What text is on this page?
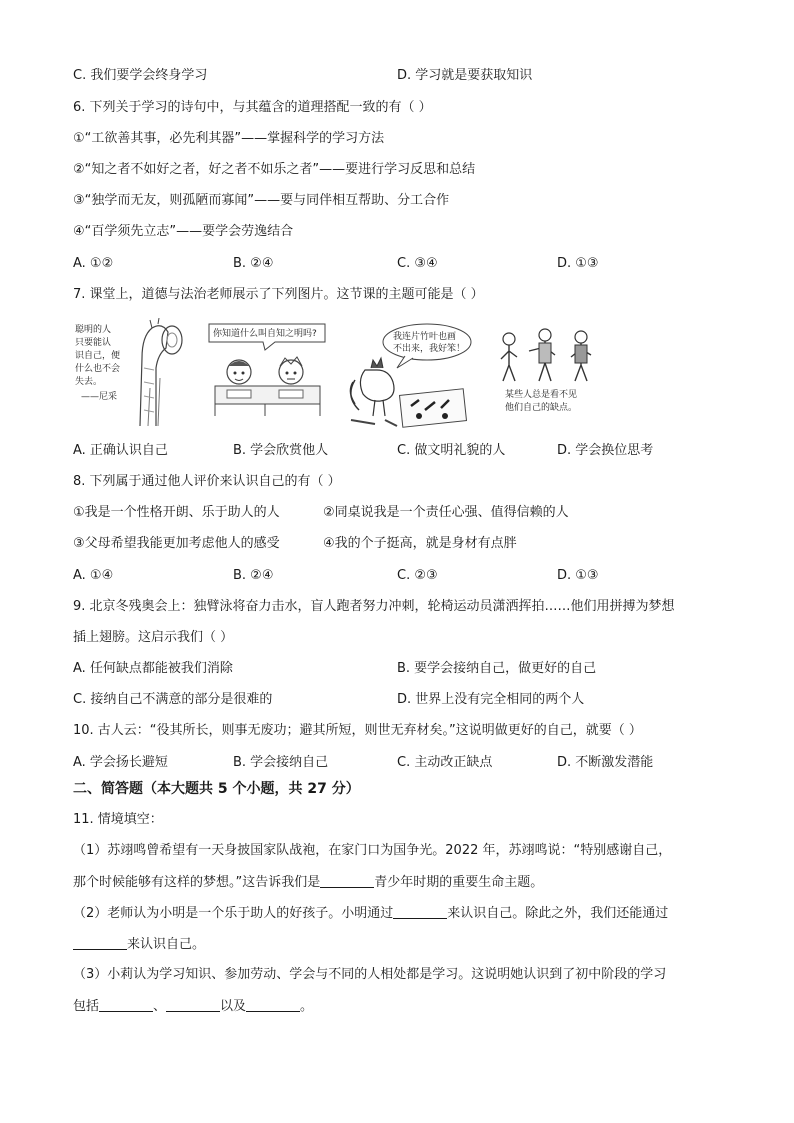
C. 我们要学会终身学习	D. 学习就是要获取知识
6. 下列关于学习的诗句中，与其蕴含的道理搭配一致的有（ ）
①“工欲善其事，必先利其器”——掌握科学的学习方法
②“知之者不如好之者，好之者不如乐之者”——要进行学习反思和总结
③“独学而无友，则孤陋而寡闻”——要与同伴相互帮助、分工合作
④“百学须先立志”——要学会劳逸结合
A. ①②	B. ②④	C. ③④	D. ①③
7. 课堂上，道德与法治老师展示了下列图片。这节课的主题可能是（ ）
聪明的人
只要能认
识自己，便
什么也不会
失去。
——尼采
你知道什么叫自知之明吗?	我连片竹叶也画
不出来，我好笨！
某些人总是看不见
他们自己的缺点。
A. 正确认识自己	B. 学会欣赏他人	C. 做文明礼貌的人	D. 学会换位思考
8. 下列属于通过他人评价来认识自己的有（ ）
①我是一个性格开朗、乐于助人的人	②同桌说我是一个责任心强、值得信赖的人
③父母希望我能更加考虑他人的感受	④我的个子挺高，就是身材有点胖
A. ①④	B. ②④	C. ②③	D. ①③
9. 北京冬残奥会上：独臂泳将奋力击水，盲人跑者努力冲刺，轮椅运动员潇洒挥拍……他们用拼搏为梦想
插上翅膀。这启示我们（ ）
A. 任何缺点都能被我们消除	B. 要学会接纳自己，做更好的自己
C. 接纳自己不满意的部分是很难的	D. 世界上没有完全相同的两个人
10. 古人云：“役其所长，则事无废功；避其所短，则世无弃材矣。”这说明做更好的自己，就要（ ）
A. 学会扬长避短	B. 学会接纳自己	C. 主动改正缺点	D. 不断激发潜能
二、简答题（本大题共 5 个小题，共 27 分）
11. 情境填空：
（1）苏翊鸣曾希望有一天身披国家队战袍，在家门口为国争光。2022 年，苏翊鸣说：“特别感谢自己，
那个时候能够有这样的梦想。”这告诉我们是	青少年时期的重要生命主题。
（2）老师认为小明是一个乐于助人的好孩子。小明通过	来认识自己。除此之外，我们还能通过
来认识自己。
（3）小莉认为学习知识、参加劳动、学会与不同的人相处都是学习。这说明她认识到了初中阶段的学习
包括	、	以及	。
